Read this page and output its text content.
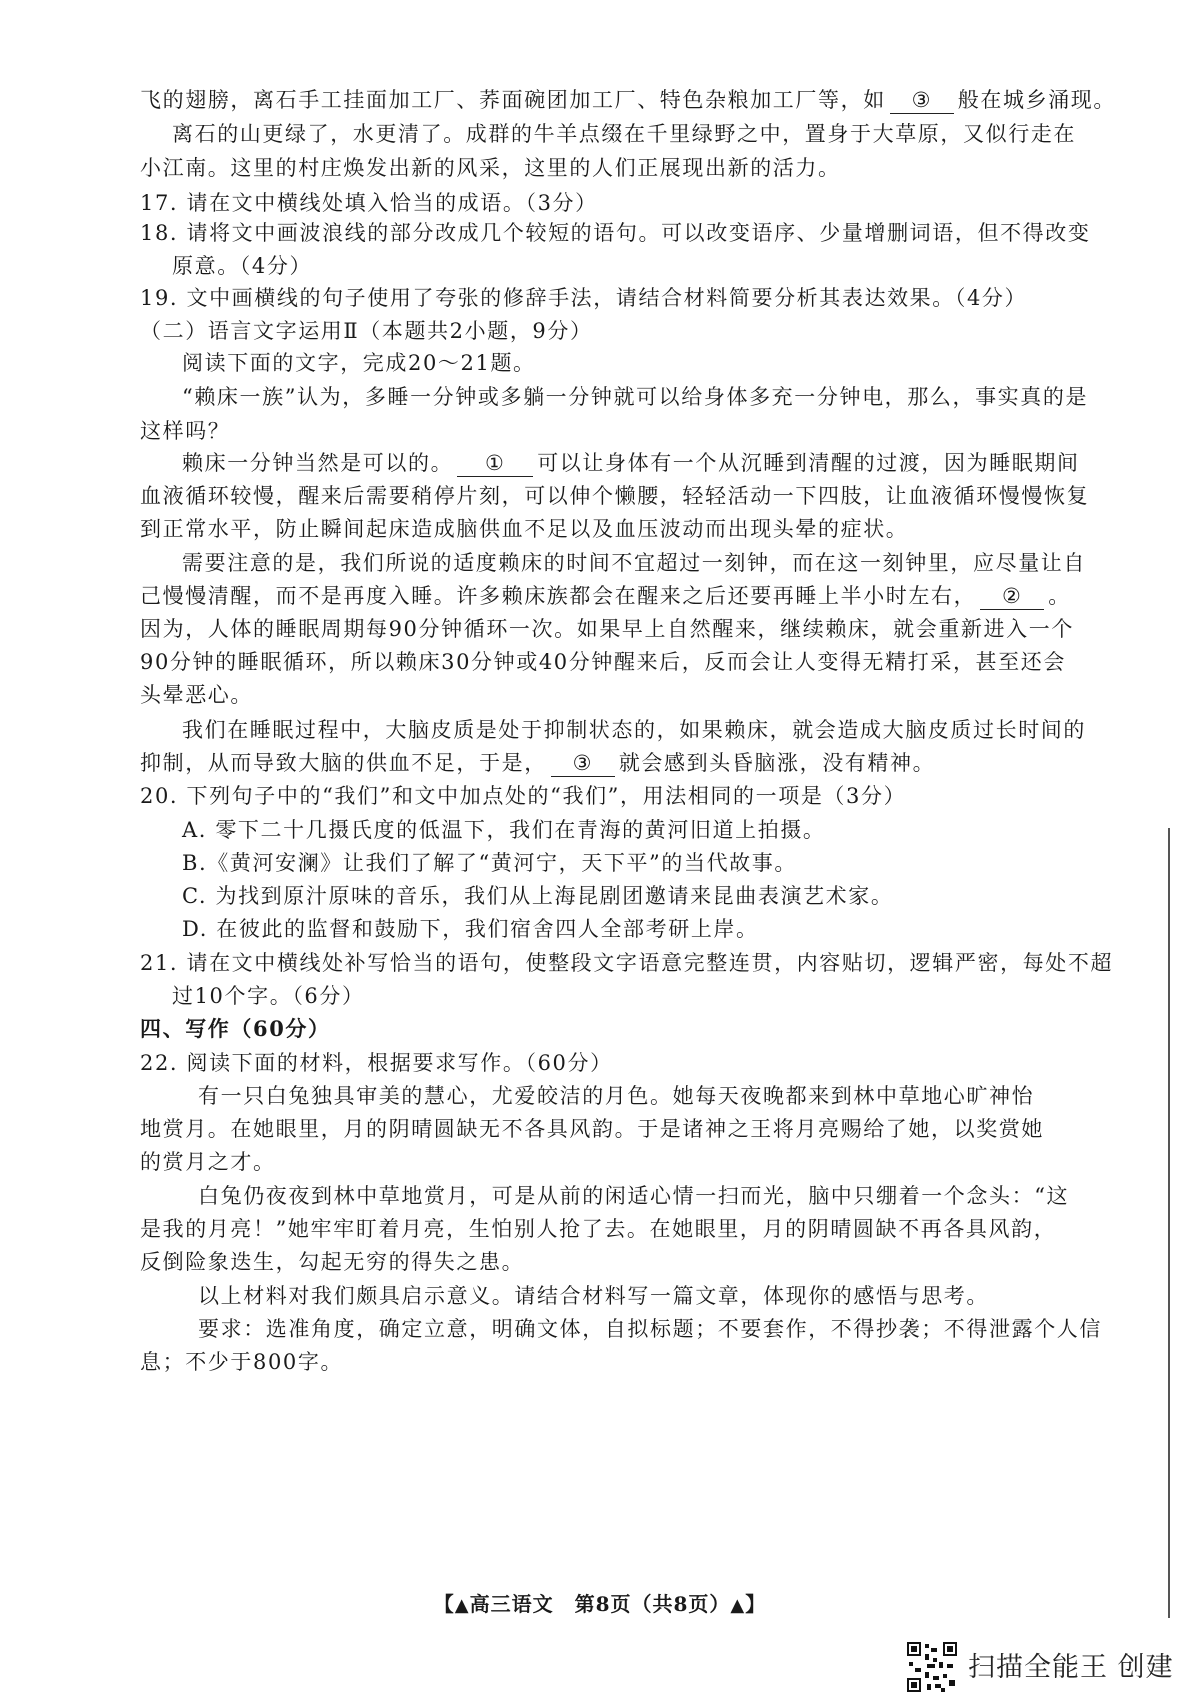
飞的翅膀，离石手工挂面加工厂、荞面碗团加工厂、特色杂粮加工厂等，如 ③ 般在城乡涌现。
离石的山更绿了，水更清了。成群的牛羊点缀在千里绿野之中，置身于大草原，又似行走在
小江南。这里的村庄焕发出新的风采，这里的人们正展现出新的活力。
17. 请在文中横线处填入恰当的成语。（3分）
18. 请将文中画波浪线的部分改成几个较短的语句。可以改变语序、少量增删词语，但不得改变
原意。（4分）
19. 文中画横线的句子使用了夸张的修辞手法，请结合材料简要分析其表达效果。（4分）
（二）语言文字运用Ⅱ（本题共2小题，9分）
阅读下面的文字，完成20～21题。
“赖床一族”认为，多睡一分钟或多躺一分钟就可以给身体多充一分钟电，那么，事实真的是
这样吗？
赖床一分钟当然是可以的。 ① 可以让身体有一个从沉睡到清醒的过渡，因为睡眠期间
血液循环较慢，醒来后需要稍停片刻，可以伸个懒腰，轻轻活动一下四肢，让血液循环慢慢恢复
到正常水平，防止瞬间起床造成脑供血不足以及血压波动而出现头晕的症状。
需要注意的是，我们所说的适度赖床的时间不宜超过一刻钟，而在这一刻钟里，应尽量让自
己慢慢清醒，而不是再度入睡。许多赖床族都会在醒来之后还要再睡上半小时左右， ② 。
因为，人体的睡眠周期每90分钟循环一次。如果早上自然醒来，继续赖床，就会重新进入一个
90分钟的睡眠循环，所以赖床30分钟或40分钟醒来后，反而会让人变得无精打采，甚至还会
头晕恶心。
我们在睡眠过程中，大脑皮质是处于抑制状态的，如果赖床，就会造成大脑皮质过长时间的
抑制，从而导致大脑的供血不足，于是， ③ 就会感到头昏脑涨，没有精神。
20. 下列句子中的“我们”和文中加点处的“我们”，用法相同的一项是（3分）
A. 零下二十几摄氏度的低温下，我们在青海的黄河旧道上拍摄。
B.《黄河安澜》让我们了解了“黄河宁，天下平”的当代故事。
C. 为找到原汁原味的音乐，我们从上海昆剧团邀请来昆曲表演艺术家。
D. 在彼此的监督和鼓励下，我们宿舍四人全部考研上岸。
21. 请在文中横线处补写恰当的语句，使整段文字语意完整连贯，内容贴切，逻辑严密，每处不超
过10个字。（6分）
四、写作（60分）
22. 阅读下面的材料，根据要求写作。（60分）
有一只白兔独具审美的慧心，尤爱皎洁的月色。她每天夜晚都来到林中草地心旷神怡
地赏月。在她眼里，月的阴晴圆缺无不各具风韵。于是诸神之王将月亮赐给了她，以奖赏她
的赏月之才。
白兔仍夜夜到林中草地赏月，可是从前的闲适心情一扫而光，脑中只绷着一个念头：“这
是我的月亮！”她牢牢盯着月亮，生怕别人抢了去。在她眼里，月的阴晴圆缺不再各具风韵，
反倒险象迭生，勾起无穷的得失之患。
以上材料对我们颇具启示意义。请结合材料写一篇文章，体现你的感悟与思考。
要求：选准角度，确定立意，明确文体，自拟标题；不要套作，不得抄袭；不得泄露个人信
息；不少于800字。
【▲高三语文　第8页（共8页）▲】
扫描全能王 创建
